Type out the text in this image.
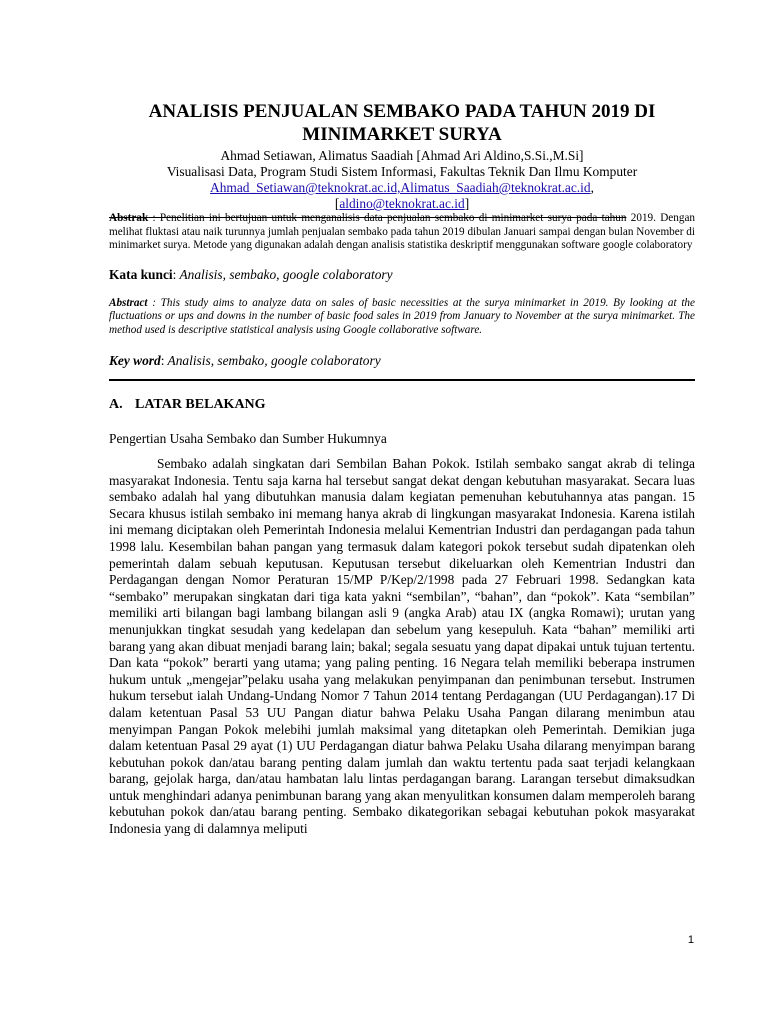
ANALISIS PENJUALAN SEMBAKO PADA TAHUN 2019 DI
MINIMARKET SURYA

Ahmad Setiawan, Alimatus Saadiah [Ahmad Ari Aldino,S.Si.,M.Si]
Visualisasi Data, Program Studi Sistem Informasi, Fakultas Teknik Dan Ilmu Komputer
Ahmad_Setiawan@teknokrat.ac.id,Alimatus_Saadiah@teknokrat.ac.id,
[aldino@teknokrat.ac.id]
Abstrak : Penelitian ini bertujuan untuk menganalisis data penjualan sembako di minimarket surya pada tahun 2019. Dengan melihat fluktasi atau naik turunnya jumlah penjualan sembako pada tahun 2019 dibulan Januari sampai dengan bulan November di minimarket surya. Metode yang digunakan adalah dengan analisis statistika deskriptif menggunakan software google colaboratory
Kata kunci: Analisis, sembako, google colaboratory
Abstract : This study aims to analyze data on sales of basic necessities at the surya minimarket in 2019. By looking at the fluctuations or ups and downs in the number of basic food sales in 2019 from January to November at the surya minimarket. The method used is descriptive statistical analysis using Google collaborative software.
Key word: Analisis, sembako, google colaboratory
A. LATAR BELAKANG
Pengertian Usaha Sembako dan Sumber Hukumnya

Sembako adalah singkatan dari Sembilan Bahan Pokok. Istilah sembako sangat akrab di telinga masyarakat Indonesia. Tentu saja karna hal tersebut sangat dekat dengan kebutuhan masyarakat. Secara luas sembako adalah hal yang dibutuhkan manusia dalam kegiatan pemenuhan kebutuhannya atas pangan. 15 Secara khusus istilah sembako ini memang hanya akrab di lingkungan masyarakat Indonesia. Karena istilah ini memang diciptakan oleh Pemerintah Indonesia melalui Kementrian Industri dan perdagangan pada tahun 1998 lalu. Kesembilan bahan pangan yang termasuk dalam kategori pokok tersebut sudah dipatenkan oleh pemerintah dalam sebuah keputusan. Keputusan tersebut dikeluarkan oleh Kementrian Industri dan Perdagangan dengan Nomor Peraturan 15/MP P/Kep/2/1998 pada 27 Februari 1998. Sedangkan kata “sembako” merupakan singkatan dari tiga kata yakni “sembilan”, “bahan”, dan “pokok”. Kata “sembilan” memiliki arti bilangan bagi lambang bilangan asli 9 (angka Arab) atau IX (angka Romawi); urutan yang menunjukkan tingkat sesudah yang kedelapan dan sebelum yang kesepuluh. Kata “bahan” memiliki arti barang yang akan dibuat menjadi barang lain; bakal; segala sesuatu yang dapat dipakai untuk tujuan tertentu. Dan kata “pokok” berarti yang utama; yang paling penting. 16 Negara telah memiliki beberapa instrumen hukum untuk „mengejar”pelaku usaha yang melakukan penyimpanan dan penimbunan tersebut. Instrumen hukum tersebut ialah Undang-Undang Nomor 7 Tahun 2014 tentang Perdagangan (UU Perdagangan).17 Di dalam ketentuan Pasal 53 UU Pangan diatur bahwa Pelaku Usaha Pangan dilarang menimbun atau menyimpan Pangan Pokok melebihi jumlah maksimal yang ditetapkan oleh Pemerintah. Demikian juga dalam ketentuan Pasal 29 ayat (1) UU Perdagangan diatur bahwa Pelaku Usaha dilarang menyimpan barang kebutuhan pokok dan/atau barang penting dalam jumlah dan waktu tertentu pada saat terjadi kelangkaan barang, gejolak harga, dan/atau hambatan lalu lintas perdagangan barang. Larangan tersebut dimaksudkan untuk menghindari adanya penimbunan barang yang akan menyulitkan konsumen dalam memperoleh barang kebutuhan pokok dan/atau barang penting. Sembako dikategorikan sebagai kebutuhan pokok masyarakat Indonesia yang di dalamnya meliputi

1
